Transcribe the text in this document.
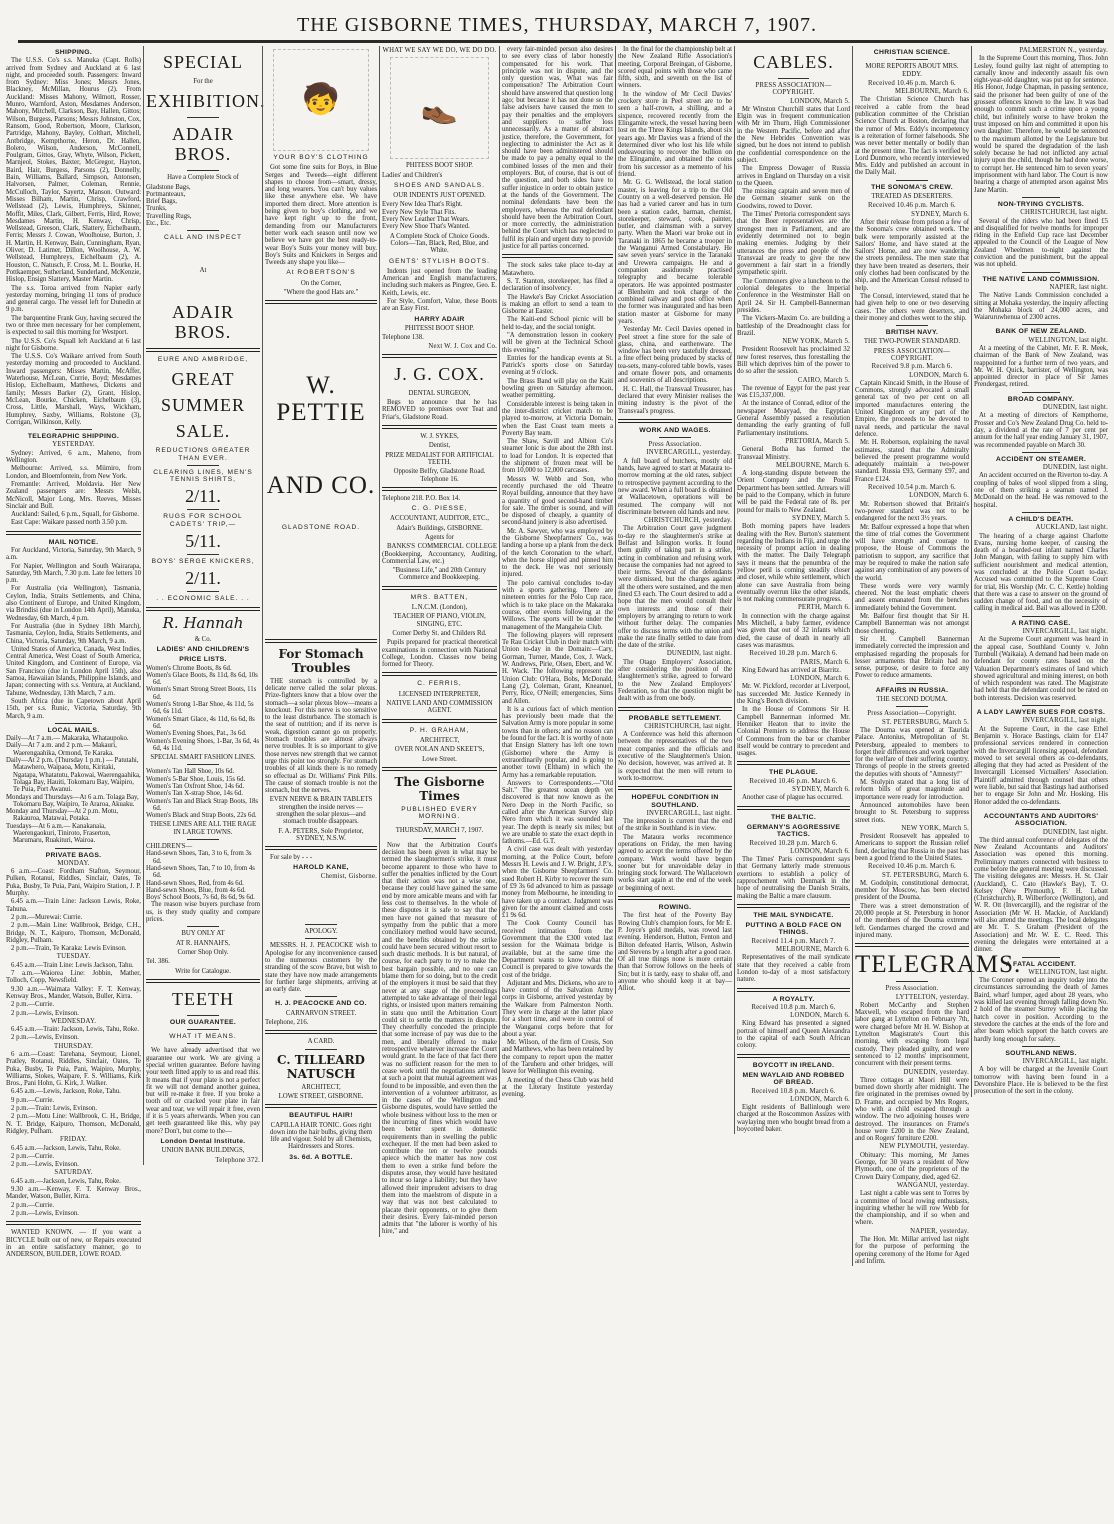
THE GISBORNE TIMES, THURSDAY, MARCH 7, 1907.
SHIPPING.
The U.S.S. Co's s.s. Manuka (Capt. Rolls) arrived from Sydney and Auckland at 6 last night, and proceeded south. Passengers: Inward from Sydney: Miss Jones; Messrs Jones, Blackney, McMillan, Hourus (2). From Auckland: Misses Mahony, Wilmott, Rosser, Munro, Warnford, Aston, Mesdames Anderson, Mahony, Mitchell, Clarkson, Bay, Hallen, Gittos; Wilson, Burgess, Parsons; Messrs Johnston, Cox, Ransom, Good, Robertson, Moore, Clarkson, Partridge, Mahony, Bayley, Colthart, Mitchell, Antbridge, Kempthorne, Heron, Dr. Hallen, Bolero, Wilson, Anderson, McConnell, Poulgram, Gittos, Gray, Whyte, Wilson, Pickett, Marnjeol, Stokes, Baxter, McGregor, Hayton, Baird, Hair, Burgess, Parsons (2), Donnelly, Bain, Williams, Ballard, Simpson, Antonsen, Halvorsen, Palmer, Coleman, Rennie, McCulloch, Taylor, Sayertz, Manson. Outward: Misses Bilham, Martin, Chrisp, Crawford, Wellstead (2), Lewis, Humphreys, Skinner, Moffit, Miles, Clark, Gilbert, Ferris, Hird, Rowe; Mesdames Martin, H. Kenway, Chrisp, Wellstead, Greeson, Clark, Slattery, Eichelbaum, Ferris; Messrs J. Cowan, Woolhouse, Burton, J. H. Martin, H. Kenway, Bain, Cunningham, Ryan, Oliver, D. Latimer, Dillon, Woolhouse, A. W. Wellstead, Humphreys, Eichelbaum (2), A. Houston, C. Natusch, F. Cross, M. L. Bourke, H. Pottkaemper, Sutherland, Sunderland, McKenzie, Hislop, Ensign Slattery, Master Martin.
The s.s. Toroa arrived from Napier early yesterday morning, bringing 11 tons of produce and general cargo. The vessel left for Dunedin at 9 p.m.
The barquentine Frank Guy, having secured the two or three men necessary for her complement, is expected to sail this morning for Westport.
The U.S.S. Co's Squall left Auckland at 6 last night for Gisborne.
The U.S.S. Co's Waikare arrived from South yesterday morning and proceeded to Auckland. Inward passengers: Misses Martin, McAffer, Waterhouse, McLean, Currie, Boyd; Mesdames Hislop, Eichelbaum, Matthews, Dickens and family; Messrs Barker (2), Grant, Hislop, McLean, Bourke, Chicken, Eichelbaum (3), Cross, Little, Marshall, Ways, Wickham, Humphrey, Saxby, Williams, Rolstone (3), Corrigan, Wilkinson, Kelly.
TELEGRAPHIC SHIPPING.
YESTERDAY.
Sydney: Arrived, 6 a.m., Maheno, from Wellington.
Melbourne: Arrived, s.s. Miimiro, from London, and Bloemfontein, from New York.
Fremantle: Arrived, Moldavia. Her New Zealand passengers are: Messrs Welsh, McNicoll, Major Long, Mrs. Reeves, Misses Sinclair and Bull.
Auckland: Sailed, 6 p.m., Squall, for Gisborne.
East Cape: Waikare passed north 3.50 p.m.
MAIL NOTICE.
For Auckland, Victoria, Saturday, 9th March, 9 a.m.
For Napier, Wellington and South Wairarapa, Saturday, 9th March, 7.30 p.m. Late fee letters 10 p.m.
For Australia (via Wellington), Tasmania, Ceylon, India, Straits Settlements, and China, also Continent of Europe, and United Kingdom, via Brindisi (due in London 14th April), Manuka, Wednesday, 6th March, 4 p.m.
For Australia (due in Sydney 18th March), Tasmania, Ceylon, India, Straits Settlements, and China, Victoria, Saturday, 9th March, 9 a.m.
United States of America, Canada, West Indies, Central America, West Coast of South America, United Kingdom, and Continent of Europe, via San Francisco (due in London April 15th), also Samoa, Hawaiian Islands, Philippine Islands, and Japan; connecting with s.s. Ventura, at Auckland, Tahune, Wednesday, 13th March, 7 a.m.
South Africa (due in Capetown about April 15th, per s.s. Runic, Victoria, Saturday, 9th March, 9 a.m.
LOCAL MAILS.
Daily—At 7 a.m.— Makaraka, Whataupoko.
Daily—At 7 a.m. and 2 p.m.— Makauri, Waerengaahika, Ormond, Te Karaka.
Daily—At 2 p.m. (Thursday 1 p.m.) — Patutahi, Matawhero, Waipaoa, Motu, Kiritaki, Ngatapa, Whatatutu, Pakowai, Waerengaahika, Tolaga Bay, Hauiti, Tokomaru Bay, Waipiro, Te Puia, Port Awanui.
Mondays and Thursdays—At 6 a.m. Tolaga Bay, Tokomaru Bay, Waipiro, Te Araroa, Akuaku.
Monday and Thursday—At 2 p.m. Motu, Rakauroa, Matawai, Potaka.
Tuesdays—At 6 a.m.— Kanakanaia, Waerengaokuri, Tiniroto, Fraserton, Marumaru, Ruakituri, Wairoa.
PRIVATE BAGS.
MONDAY.
6 a.m.—Coast: Fordham Stafton, Seymour, Pulken, Rotanui, Riddles, Sinclair, Oates, Te Puka, Busby, Te Puia, Pani, Waipiro Station, J. P. Murphy.
6.45 a.m.—Train Line: Jackson Lewis, Roke, Tahuna.
2 p.m.—Murewai: Currie.
2 p.m.—Main Line: Wallbrook, Bridge, C.H., Bridge, N. T., Kaipuro, Thomson, McDonald, Ridgley, Pulham.
2 p.m.—Train, Te Karaka: Lewis Evinson.
TUESDAY.
6.45 a.m.—Train Line: Lewis Jackson, Tahu.
7 a.m.—Waiorea Line: Jobbin, Mather, Tolloch, Copp, Newsfield.
9.30 a.m.—Waimata Valley: F. T. Kenway, Kenway Bros., Mander, Watson, Buller, Kirra.
2 p.m.—Currie.
2 p.m.—Lewis, Evinson.
WEDNESDAY.
6.45 a.m.—Train: Jackson, Lewis, Tahu, Roke.
2 p.m.—Lewis, Evinson.
THURSDAY.
6 a.m.—Coast: Tarehana, Seymour, Lionel, Pratley, Rotanui, Riddles, Sinclair, Oates, Te Puka, Busby, Te Puia, Pani, Waipiro, Murphy, Williams, Stokes, Waipare, F. S. Williams, Kirk Bros., Pani Hohn, G. Kirk, J. Walker.
6.45 a.m.—Lewis, Jackson, Roke, Tahu.
9 p.m.—Currie.
2 p.m.—Train: Lewis, Evinson.
2 p.m.—Motu Line: Wallbrook, C. H., Bridge, N. T. Bridge, Kaipuro, Thomson, McDonald, Ridgley, Pulham.
FRIDAY.
6.45 a.m.—Jackson, Lewis, Tahu, Roke.
2 p.m.—Currie.
2 p.m.—Lewis, Evinson.
SATURDAY.
6.45 a.m.—Jackson, Lewis, Tahu, Roke.
9.30 a.m.—Kenway, F. T. Kenway Bros., Mander, Watson, Buller, Kirra.
2 p.m.—Currie.
2 p.m.—Lewis, Evinson.
WANTED KNOWN. — If you want a BICYCLE built out of new, or Repairs executed in an entire satisfactory manner, go to ANDERSON, BUILDER, LOWE ROAD.
SPECIAL
For the
EXHIBITION.
ADAIR BROS.
Have a Complete Stock of
Gladstone Bags,
Portmanteaux,
Brief Bags,
Trunks,
Travelling Rugs,
Etc., Etc.
CALL AND INSPECT
At
ADAIR BROS.
EURE AND AMBRIDGE,
GREAT
SUMMER
SALE.
REDUCTIONS GREATER THAN EVER.
CLEARING LINES, MEN'S TENNIS SHIRTS,
2/11.
RUGS FOR SCHOOL CADETS' TRIP,—
5/11.
BOYS' SERGE KNICKERS,
2/11.
. . ECONOMIC SALE. . .
R. Hannah
& Co.
LADIES' AND CHILDREN'S
PRICE LISTS.
Women's Chrome Boots, 8s 6d.
Women's Glace Boots, 8s 11d, 8s 6d, 10s 6d.
Women's Smart Strong Street Boots, 11s 6d.
Women's Strong 1-Bar Shoe, 4s 11d, 5s 6d, 6s 11d.
Women's Smart Glace, 4s 11d, 6s 6d, 8s 6d.
Women's Evening Shoes, Pat., 3s 6d.
Women's Evening Shoes, 1-Bar, 3s 6d, 4s 6d, 4s 11d.
SPECIAL SMART FASHION LINES.
Women's Tan Hall Shoe, 10s 6d.
Women's 5-Bar Shoe, Louis, 15s 6d.
Women's Tan Oxfront Shoe, 14s 6d.
Women's Tan X-strap Shoe, 14s 6d.
Women's Tan and Black Strap Boots, 18s 6d.
Women's Black and Strap Boots, 22s 6d.
THESE LINES ARE ALL THE RAGE IN LARGE TOWNS.
CHILDREN'S—
Hand-sewn Shoes, Tan, 3 to 6, from 3s 6d.
Hand-sewn Shoes, Tan, 7 to 10, from 4s 6d.
Hand-sewn Shoes, Red, from 4s 6d.
Hand-sewn Shoes, Blue, from 4s 6d.
Boys' School Boots, 7s 6d, 8s 6d, 9s 6d.
The reason wise buyers purchase from us, is they study quality and compare prices.
BUY ONLY AT
AT R. HANNAH'S,
Corner Shop Only.
Tel. 386.
Write for Catalogue.
TEETH
OUR GUARANTEE.
WHAT IT MEANS.
We have already advertised that we guarantee our work. We are giving a special written guarantee. Before having your teeth fitted apply to us and read this. It means that if your plate is not a perfect fit we will not demand another guinea, but will re-make it free. If you broke a tooth off or cracked your plate in fair wear and tear, we will repair it free, even if it is 5 years afterwards. When you can get teeth guaranteed like this, why pay more? Don't, but come to the—
London Dental Institute.
UNION BANK BUILDINGS,
Telephone 372.
🧒
YOUR BOY'S CLOTHING
Got some fine suits for Boys, in Blue Serges and Tweeds—eight different shapes to choose from—smart, dressy, and long wearers. You can't buy values like these anywhere else. We have imported them direct. More attention is being given to boy's clothing, and we have kept right up to the front, demanding from our Manufacturers better work each season until now we believe we have got the best ready-to-wear Boy's Suits your money will buy. Boy's Suits and Knickers in Serges and Tweeds any shape you like—
At ROBERTSON'S
On the Corner,
"Where the good Hats are."
W. PETTIE
AND CO.
GLADSTONE ROAD.
For Stomach Troubles
THE stomach is controlled by a delicate nerve called the solar plexus. Prize-fighters know that a blow over the stomach—a solar plexus blow—means a knockout. For this nerve is too sensitive to the least disturbance. The stomach is the seat of nutrition; and if its nerve is weak, digestion cannot go on properly. Stomach troubles are almost always nerve troubles. It is so important to give those nerves new strength that we cannot urge this point too strongly. For stomach troubles of all kinds there is no remedy so effectual as Dr. Williams' Pink Pills. The cause of stomach trouble is not the stomach, but the nerves.
EVEN NERVE & BRAIN TABLETS strengthen the inside nerves — strengthen the solar plexus—and stomach trouble disappears.
F. A. PETERS, Sole Proprietor, SYDNEY, N.S.W.
For sale by - - -
HAROLD KANE,
Chemist, Gisborne.
APOLOGY.
MESSRS. H. J. PEACOCKE wish to Apologise for any inconvenience caused to the numerous customers by the stranding of the scow Brave, but wish to state they have now made arrangements for further large shipments, arriving at an early date.
H. J. PEACOCKE AND CO.
CARNARVON STREET.
Telephone, 216.
A CARD.
C. TILLEARD NATUSCH
ARCHITECT,
LOWE STREET, GISBORNE.
BEAUTIFUL HAIR!
CAPILLA HAIR TONIC. Goes right down into the hair bulbs, giving them life and vigour. Sold by all Chemists, Hairdressers and Stores.
3s. 6d. A BOTTLE.
WHAT WE SAY WE DO, WE DO DO.
👞
PHITESS BOOT SHOP.
Ladies' and Children's
SHOES AND SANDALS.
OUR INDENTS JUST OPENED.
Every New Idea That's Right.
Every New Style That Fits.
Every New Leather That Wears.
Every New Shoe That's Wanted.
A Complete Stock of Choice Goods. Colors—Tan, Black, Red, Blue, and White.
GENTS' STYLISH BOOTS.
Indents just opened from the leading American and English manufacturers, including such makers as Pingree, Geo. E. Keith, Lewis, etc.
For Style, Comfort, Value, these Boots are an Easy First.
HARRY ADAIR
PHITESSI BOOT SHOP.
Telephone 138.
Next W. J. Cox and Co.
J. G. COX.
DENTAL SURGEON,
Begs to announce that he has REMOVED to premises over Teat and Friar's, Gladstone Road.
W. J. SYKES,
Dentist,
PRIZE MEDALIST FOR ARTIFICIAL TEETH.
Opposite Belfry, Gladstone Road. Telephone 16.
Telephone 218. P.O. Box 14.
C. G. PIESSE,
ACCOUNTANT, AUDITOR, ETC.,
Adair's Buildings, GISBORNE.
Agents for
BANKS'S COMMERCIAL COLLEGE (Bookkeeping, Accountancy, Auditing, Commercial Law, etc.)
"Business Life," and 20th Century Commerce and Bookkeeping.
MRS. BATTEN,
L.N.C.M. (London),
TEACHER OF PIANO, VIOLIN, SINGING, ETC.
Corner Derby St. and Childers Rd.
Pupils prepared for practical theoretical examinations in connection with National College, London. Classes now being formed for Theory.
C. FERRIS,
LICENSED INTERPRETER,
NATIVE LAND AND COMMISSION AGENT.
P. H. GRAHAM,
ARCHITECT,
OVER NOLAN AND SKEET'S,
Lowe Street.
The Gisborne Times
PUBLISHED EVERY MORNING.
THURSDAY, MARCH 7, 1907.
Now that the Arbitration Court's decision has been given in what may be termed the slaughtermen's strike, it must become apparent to those who have to suffer the penalties inflicted by the Court that their action was not a wise one, because they could have gained the same end by more amicable means and with far less cost to themselves. In the whole of these disputes it is safe to say that the men have not gained that measure of sympathy from the public that a more conciliatory method would have secured, and the benefits obtained by the strike could have been secured without resort to such drastic methods. It is but natural, of course, for each party to try to make the best bargain possible, and no one can blame them for so doing, but to the credit of the employers it must be said that they never at any stage of the proceedings attempted to take advantage of their legal rights, or insisted upon matters remaining in statu quo until the Arbitration Court could sit to settle the matters in dispute. They cheerfully conceded the principle that some increase of pay was due to the men, and liberally offered to make retrospective whatever increase the Court would grant. In the face of that fact there was no sufficient reason for the men to cease work until the negotiations arrived at such a point that mutual agreement was found to be impossible, and even then the intervention of a volunteer arbitrator, as in the cases of the Wellington and Gisborne disputes, would have settled the whole business without loss to the men or the incurring of fines which would have been better spent in domestic requirements than in swelling the public exchequer. If the men had been asked to contribute the ten or twelve pounds apiece which the matter has now cost them to even a strike fund before the disputes arose, they would have hesitated to incur so large a liability; but they have allowed their imprudent advisers to drag them into the maelstrom of dispute in a way that was not best calculated to placate their opponents, or to give them their desires. Every fair-minded person admits that "the laborer is worthy of his hire," and
every fair-minded person also desires to see every class of labor honestly compensated for his work. That principle was not in dispute, and the only question was, What was fair compensation? The Arbitration Court should have answered that question long ago; but because it has not done so the false advisers have caused the men to pay their penalties and the employers and suppliers to suffer loss unnecessarily. As a matter of abstract justice, therefore, the Government, for neglecting to administer the Act as it should have been administered should be made to pay a penalty equal to the combined losses of the men and their employers. But, of course, that is out of the question, and both sides have to suffer injustice in order to obtain justice at the hands of the Government. The nominal defendants have been the employers, whereas the real defendant should have been the Arbitration Court, or more correctly, the administration behind the Court which has neglected to fulfil its plain and urgent duty to provide justice for all parties concerned.
The stock sales take place to-day at Matawhero.
S. T. Stanton, storekeeper, has filed a declaration of insolvency.
The Hawke's Bay Cricket Association is making an effort to send a team to Gisborne at Easter.
The Kaiti-end School picnic will be held to-day, and the social tonight.
"A demonstration lesson in cookery will be given at the Technical School this evening."
Entries for the handicap events at St. Patrick's sports close on Saturday evening at 9 o'clock.
The Brass Band will play on the Kaiti bowling green on Saturday afternoon, weather permitting.
Considerable interest is being taken in the inter-district cricket match to be played to-morrow, at Victoria Domain, when the East Coast team meets a Poverty Bay team.
The Shaw, Savill and Albion Co's steamer Ionic is due about the 28th inst. to load for London. It is expected that the shipment of frozen meat will be from 10,000 to 12,000 carcases.
Messrs W. Webb and Son, who recently purchased the old Theatre Royal building, announce that they have a quantity of good second-hand timber for sale. The timber is sound, and will be disposed of cheaply, a quantity of second-hand joinery is also advertised.
Mr. A. Sawyer, who was employed by the Gisborne Sheepfarmers' Co., was landing a horse up a plank from the deck of the ketch Coronation to the wharf, when the horse slipped and pinned him to the deck. He was not seriously injured.
The polo carnival concludes to-day with a sports gathering. There are nineteen entries for the Polo Cup race, which is to take place on the Makaraka course, other events following at the Willows. The sports will be under the management of the Mangaheia Club.
The following players will represent Te Rau Cricket Club in their match with Union to-day in the Domain:—Cary, Gorman, Turner, Maude, Cox, J. Wack, W. Andrews, Pirie, Olsen, Ebert, and W. H. Wack. The following represent the Union Club: O'Hara, Bobs, McDonald, Lang (2), Coleman, Grant, Kneanuel, Perry, Rice, O'Neill; emergencies, Sims and Allen.
It is a curious fact of which mention has previously been made that the Salvation Army is more popular in some towns than in others; and no reason can be found for the fact. It is worthy of note that Ensign Slattery has left one town (Gisborne) where the Army is extraordinarily popular, and is going to another town (Eltham) in which the Army has a remarkable reputation.
Answers to Correspondents.—"Old Salt." The greatest ocean depth yet discovered is that now known as the Nero Deep in the North Pacific, so called after the American Survey ship Nero from which it was sounded last year. The depth is nearly six miles; but we are unable to state the exact depth in fathoms.—Ed. G.T.
A civil case was dealt with yesterday morning, at the Police Court, before Messrs H. Lewis and J. W. Bright, J.P.'s, when the Gisborne Sheepfarmers' Co. sued Robert H. Kirby to recover the sum of £9 3s 6d advanced to him as passage money from Melbourne, he intending to have taken up a contract. Judgment was given for the amount claimed and costs £1 9s 6d.
The Cook County Council has received intimation from the Government that the £300 voted last session for the Waimata bridge is available, but at the same time the Department wants to know what the Council is prepared to give towards the cost of the bridge.
Adjutant and Mrs. Dickens, who are to have control of the Salvation Army corps in Gisborne, arrived yesterday by the Waikare from Palmerston North. They were in charge at the latter place for a short time, and were in control of the Wanganui corps before that for about a year.
Mr. Wilson, of the firm of Cresis, Son and Matthews, who has been retained by the company to report upon the matter of the Taruheru and other bridges, will leave for Wellington this evening.
A meeting of the Chess Club was held at the Literary Institute yesterday evening.
In the final for the championship belt at the New Zealand Rifle Association's meeting, Corporal Breingan, of Gisborne, scored equal points with those who came fifth, sixth, and seventh on the list of winners.
In the window of Mr Cecil Davies' crockery store in Peel street are to be seen a half-crown, a shilling, and a sixpence, recovered recently from the Elingamite wreck, the vessel having been lost on the Three Kings Islands, about six years ago. Mr Davies was a friend of the determined diver who lost his life while endeavouring to recover the bullion on the Elingamite, and obtained the coins from his successor as a memento of his friend.
Mr. G. G. Wellstead, the local station master, is leaving for a trip to the Old Country on a well-deserved pension. He has had a varied career and has in turn been a station cadet, barman, chemist, storekeeper, steward, cook, painter, butler, and claimsman with a survey party. When the Maori war broke out in Taranaki in 1865 he became a trooper in the Wanganui Armed Constabulary. He saw seven years' service in the Taranaki and Urewera campaigns. He and a companion assiduously practised telegraphy and became tolerable operators. He was appointed postmaster at Blenheim and took charge of the combined railway and post office when the former was inaugurated and has been station master at Gisborne for many years.
Yesterday Mr. Cecil Davies opened in Peel street a fine store for the sale of glass, china, and earthenware. The window has been very tastefully dressed, a fine effect being produced by stacks of tea-sets, many-colored table bowls, vases and ornate flower pots, and ornaments and souvenirs of all descriptions.
H. C. Hall, the Transvaal Treasurer, has declared that every Minister realises the mining industry is the pivot of the Transvaal's progress.
WORK AND WAGES.
Press Association.
INVERCARGILL, yesterday.
A full board of butchers, mostly old hands, have agreed to start at Mataura to-morrow morning at the old rates, subject to retrospective payment according to the new award. When a full board is obtained at Wallacetown, operations will be resumed. The company will not discriminate between old hands and new.
CHRISTCHURCH, yesterday.
The Arbitration Court gave judgment to-day re the slaughtermen's strike at Belfast and Islington works. It found them guilty of taking part in a strike, acting in combination and refusing work because the companies had not agreed to their terms. Several of the defendants were dismissed, but the charges against all the others were sustained, and the men fined £3 each. The Court desired to add a hope that the men would consult their own interests and those of their employers by arranging to return to work without further delay. The companies offer to discuss terms with the union and make the rate finally settled to date from the date of the strike.
DUNEDIN, last night.
The Otago Employers' Association, after considering the position of the slaughtermen's strike, agreed to forward to the New Zealand Employers' Federation, so that the question might be dealt with as from one body.
PROBABLE SETTLEMENT.
CHRISTCHURCH, last night.
A Conference was held this afternoon between the representatives of the two meat companies and the officials and executive of the Slaughtermen's Union. No decision, however, was arrived at. It is expected that the men will return to work to-morrow.
HOPEFUL CONDITION IN SOUTHLAND.
INVERCARGILL, last night.
The impression is current that the end of the strike in Southland is in view.
The Mataura works recommence operations on Friday, the men having agreed to accept the terms offered by the company. Work would have begun sooner but for unavoidable delay in bringing stock forward. The Wallacetown works start again at the end of the week or beginning of next.
ROWING.
The first heat of the Poverty Bay Rowing Club's champion fours, for Mr E. P. Joyce's gold medals, was rowed last evening. Henderson, Hutton, Fenton and Bilton defeated Harris, Wilson, Ashwin and Stevens by a length after a good race. Of all true things none is more certain than that Sorrow follows on the heels of Sin; but it is tardy, easy to shake off, and anyone who should keep it at bay—Alliot.
CABLES.
PRESS ASSOCIATION—COPYRIGHT.
LONDON, March 5.
Mr Winston Churchill states that Lord Elgin was in frequent communication with Mr im Thurn, High Commissioner in the Western Pacific, before and after the New Hebrides Convention was signed, but he does not intend to publish the confidential correspondence on the subject.
The Empress Dowager of Russia arrives in England on Thursday on a visit to the Queen.
The missing captain and seven men of the German steamer sunk on the Goodwins, rowed to Dover.
The Times' Pretoria correspondent says that the Boer representatives are the strongest men in Parliament, and are evidently determined not to begin making enemies. Judging by their utterances the press and people of the Transvaal are ready to give the new government a fair start in a friendly sympathetic spirit.
The Commoners give a luncheon to the colonial delegates to the Imperial Conference in the Westminster Hall on April 24. Sir H. Campbell-Bannerman presides.
The Vickers-Maxim Co. are building a battleship of the Dreadnought class for Brazil.
NEW YORK, March 5.
President Roosevelt has proclaimed 32 new forest reserves, thus forestalling the Bill which deprives him of the power to do so after the session.
CAIRO, March 5.
The revenue of Egypt for the past year was £15,337,000.
At the instance of Conrad, editor of the newspaper Moayyad, the Egyptian General Assembly passed a resolution demanding the early granting of full Parliamentary institutions.
PRETORIA, March 5.
General Botha has formed the Transvaal Ministry.
MELBOURNE, March 6.
A long-standing dispute between the Orient Company and the Postal Department has been settled. Arrears will be paid to the Company, which in future will be paid the Federal rate of 8s. per pound for mails to New Zealand.
SYDNEY, March 5.
Both morning papers have leaders dealing with the Rev. Burton's statement regarding the Indians in Fiji, and urge the necessity of prompt action in dealing with the matter. The Daily Telegraph says it means that the penumbra of the yellow peril is coming steadily closer and closer, while white settlement, which alone can save Australia from being eventually overrun like the other islands, is not making commensurate progress.
PERTH, March 6.
In connection with the charge against Mrs Mitchell, a baby farmer, evidence was given that out of 32 infants which died, the cause of death in nearly all cases was marasmus.
Received 10.28 p.m. March 6.
PARIS, March 6.
King Edward has arrived at Biarritz.
LONDON, March 6.
Mr. W. Pickford, recorder at Liverpool, has succeeded Mr. Justice Kennedy in the King's Bench division.
In the House of Commons Sir H. Campbell Bannerman informed Mr. Henniker Heaton that to invite the Colonial Premiers to address the House of Commons from the bar or chamber itself would be contrary to precedent and usages.
THE PLAGUE.
Received 10.46 p.m. March 6.
SYDNEY, March 6.
Another case of plague has occurred.
THE BALTIC.
GERMANY'S AGGRESSIVE TACTICS.
Received 10.28 p.m. March 6.
LONDON, March 6.
The Times' Paris correspondent says that Germany latterly made strenuous exertions to establish a policy of rapprochement with Denmark in the hope of neutralising the Danish Straits, making the Baltic a mare clausum.
THE MAIL SYNDICATE.
PUTTING A BOLD FACE ON THINGS.
Received 11.4 p.m. March 7.
MELBOURNE, March 6.
Representatives of the mail syndicate state that they received a cable from London to-day of a most satisfactory nature.
A ROYALTY.
Received 10.8 p.m. March 6.
LONDON, March 6.
King Edward has presented a signed portrait of himself and Queen Alexandra to the capital of each South African colony.
BOYCOTT IN IRELAND.
MEN WAYLAID AND ROBBED OF BREAD.
Received 10.8 p.m. March 6.
LONDON, March 6.
Eight residents of Ballinlough were charged at the Roscommon Assizes with waylaying men who bought bread from a boycotted baker.
CHRISTIAN SCIENCE.
MORE REPORTS ABOUT MRS. EDDY.
Received 10.46 p.m. March 6.
MELBOURNE, March 6.
The Christian Science Church has received a cable from the head publication committee of the Christian Science Church at Boston, declaring that the rumor of Mrs. Eddy's incompetency is a reiteration of former falsehoods. She was never better mentally or bodily than at the present time. The fact is verified by Lord Dunmore, who recently interviewed Mrs. Eddy and published an account in the Daily Mail.
THE SONOMA'S CREW.
TREATED AS DESERTERS.
Received 10.46 p.m. March 6.
SYDNEY, March 6.
After their release from prison a few of the Sonoma's crew obtained work. The bulk were temporarily assisted at the Sailors' Home, and have stated at the Sailors' Home, and are now wandering the streets penniless. The men state that they have been treated as deserters, their only clothes had been confiscated by the ship, and the American Consul refused to help.
The Consul, interviewed, stated that he had given help to one or two deserving cases. The others were deserters, and their money and clothes went to the ship.
BRITISH NAVY.
THE TWO-POWER STANDARD.
PRESS ASSOCIATION—COPYRIGHT.
Received 9.8 p.m. March 6.
LONDON, March 6.
Captain Kincaid Smith, in the House of Commons, strongly advocated a small general tax of two per cent on all imported manufactures entering the United Kingdom or any part of the Empire, the proceeds to be devoted to naval needs, and particular the naval defence.
Mr. H. Robertson, explaining the naval estimates, stated that the Admiralty believed the present programme would adequately maintain a two-power standard. Russia £93, Germany £97, and France £124.
Received 10.54 p.m. March 6.
LONDON, March 6.
Mr. Robertson showed that Britain's two-power standard was not to be endangered for the next 3½ years.
Mr. Balfour expressed a hope that when the time of trial comes the Government will have strength and courage to propose, the House of Commons the patriotism to support, any sacrifice that may be required to make the nation safe against any combination of any powers of the world.
These words were very warmly cheered. Not the least emphatic cheers and assent emanated from the benches immediately behind the Government.
Mr. Balfour first thought that Sir H. Campbell Bannerman was not amongst those cheering.
Sir H. Campbell Bannerman immediately corrected the impression and emphasised regarding the proposals for lesser armaments that Britain had no sense, purpose, or desire to force any Power to reduce armaments.
AFFAIRS IN RUSSIA.
THE SECOND DOUMA.
Press Association—Copyright.
ST. PETERSBURG, March 5.
The Douma was opened at Taurida Palace. Antonius, Metropolitan of St. Petersburg, appealed to members to forget their differences and work together for the welfare of their suffering country. Throngs of people in the streets greeted the deputies with shouts of "Amnesty!"
M. Stolypin stated that a long list of reform bills of great magnitude and importance were ready for introduction.
Announced automobiles have been brought to St. Petersburg to suppress street riots.
NEW YORK, March 5.
President Roosevelt has appealed to Americans to support the Russian relief fund, declaring that Russia in the past has been a good friend to the United States.
Received 10.46 p.m. March 6.
ST. PETERSBURG, March 6.
M. Godolpin, constitutional democrat, member for Moscow, has been elected president of the Douma.
There was a street demonstration of 20,000 people at St. Petersburg in honor of the members of the Douma extreme left. Gendarmes charged the crowd and injured many.
TELEGRAMS.
Press Association.
LYTTELTON, yesterday.
Robert McCarthy and Stephen Maxwell, who escaped from the hard labor gang at Lyttelton on February 7th, were charged before Mr H. W. Bishop at Lyttelton Magistrate's Court this morning, with escaping from legal custody. They pleaded guilty, and were sentenced to 12 months' imprisonment, concurrent with their present terms.
DUNEDIN, yesterday.
Three cottages at Maori Hill were burned down shortly after midnight. The fire originated in the premises owned by D. Frame, and occupied by Mrs Rogers, who with a child escaped through a window. The two adjoining houses were destroyed. The insurances on Frame's house were £200 in the New Zealand, and on Rogers' furniture £200.
NEW PLYMOUTH, yesterday.
Obituary: This morning, Mr James George, for 30 years a resident of New Plymouth, one of the proprietors of the Crown Dairy Company, died, aged 62.
WANGANUI, yesterday.
Last night a cable was sent to Torres by a committee of local rowing enthusiasts, inquiring whether he will row Webb for the championship, and if so when and where.
NAPIER, yesterday.
The Hon. Mr. Millar arrived last night for the purpose of performing the opening ceremony of the Home for Aged and Infirm.
PALMERSTON N., yesterday.
In the Supreme Court this morning, Thos. John Lesley, found guilty last night of attempting to carnally know and indecently assault his own eight-year-old daughter, was put up for sentence. His Honor, Judge Chapman, in passing sentence, said the prisoner had been guilty of one of the grossest offences known to the law. It was bad enough to commit such a crime upon a young child, but infinitely worse to have broken the trust imposed on him and committed it upon his own daughter. Therefore, he would be sentenced to the maximum allotted by the Legislature but would be spared the degradation of the lash solely because he had not inflicted any actual injury upon the child, though he had done worse, to corrupt her. He sentenced him to seven years' imprisonment with hard labor. The Court is now hearing a charge of attempted arson against Mrs Jane Martin.
NON-TRYING CYCLISTS.
CHRISTCHURCH, last night.
Several of the riders who had been fined £5 and disqualified for twelve months for improper riding in the Enfield Cup race last December appealed to the Council of the League of New Zealand Wheelmen to-night against the conviction and the punishment, but the appeal was not upheld.
THE NATIVE LAND COMMISSION.
NAPIER, last night.
The Native Lands Commission concluded a sitting at Mohaka yesterday, the inquiry affecting the Mohaka block of 24,000 acres, and Waiaruruwhenua of 2300 acres.
BANK OF NEW ZEALAND.
WELLINGTON, last night.
At a meeting of the Cabinet, Mr. F. R. Meek, chairman of the Bank of New Zealand, was reappointed for a further term of two years, and Mr. W. H. Quick, barrister, of Wellington, was appointed director in place of Sir James Prendergast, retired.
BROAD COMPANY.
DUNEDIN, last night.
At a meeting of directors of Kempthorne, Prosser and Co's New Zealand Drug Co. held to-day, a dividend at the rate of 7 per cent per annum for the half year ending January 31, 1907, was recommended payable on March 30.
ACCIDENT ON STEAMER.
DUNEDIN, last night.
An accident occurred on the Riverton to-day. A coupling of bales of wool slipped from a sling, one of them striking a seaman named J. McDonald on the head. He was removed to the hospital.
A CHILD'S DEATH.
AUCKLAND, last night.
The hearing of a charge against Charlotte Evans, nursing home keeper, of causing the death of a boarded-out infant named Charles John Mangan, with failing to supply him with sufficient nourishment and medical attention, was concluded at the Police Court to-day. Accused was committed to the Supreme Court for trial, His Worship (Mr. C. C. Kettle) holding that there was a case to answer on the ground of sudden change of food, and on the necessity of calling in medical aid. Bail was allowed in £200.
A RATING CASE.
INVERCARGILL, last night.
At the Supreme Court argument was heard in the appeal case, Southland County v. John Turnbull (Waikaia). A demand had been made on defendant for county rates based on the Valuation Department's estimates of land which showed agricultural and mining interest, on both of which respondent was rated. The Magistrate had held that the defendant could not be rated on both interests. Decision was reserved.
A LADY LAWYER SUES FOR COSTS.
INVERCARGILL, last night.
At the Supreme Court, in the case Ethel Benjamin v. Horace Bastings, claim for £147 professional services rendered in connection with the Invercargill licensing appeal, defendant moved to set several others as co-defendants, alleging that they had acted as President of the Invercargill Licensed Victuallers' Association. Plaintiff admitted through counsel that others were liable, but said that Bastings had authorised her to engage Sir John and Mr. Hosking. His Honor added the co-defendants.
ACCOUNTANTS AND AUDITORS' ASSOCIATION.
DUNEDIN, last night.
The third annual conference of delegates of the New Zealand Accountants and Auditors' Association was opened this morning. Preliminary matters connected with business to come before the general meeting were discussed. The visiting delegates are: Messrs. H. St. Clair (Auckland), C. Cato (Hawke's Bay), T. O. Kelsey (New Plymouth), F. H. Lebatt (Christchurch), R. Wilberforce (Wellington), and W. R. Ott (Invercargill), and the registrar of the Association (Mr W. H. Mackie, of Auckland) will also attend the meetings. The local delegates are Mr. T. S. Graham (President of the Association) and Mr. W. E. C. Reed. This evening the delegates were entertained at a dinner.
A FATAL ACCIDENT.
WELLINGTON, last night.
The Coroner opened an inquiry today into the circumstances surrounding the death of James Baird, wharf lumper, aged about 28 years, who was killed last evening through falling down No. 2 hold of the steamer Surrey while placing the hatch cover in position. According to the stevedore the catches at the ends of the fore and after beam which support the hatch covers are hardly long enough for safety.
SOUTHLAND NEWS.
INVERCARGILL, last night.
A boy will be charged at the Juvenile Court tomorrow with having been found in a Devonshire Place. He is believed to be the first prosecution of the sort in the colony.
